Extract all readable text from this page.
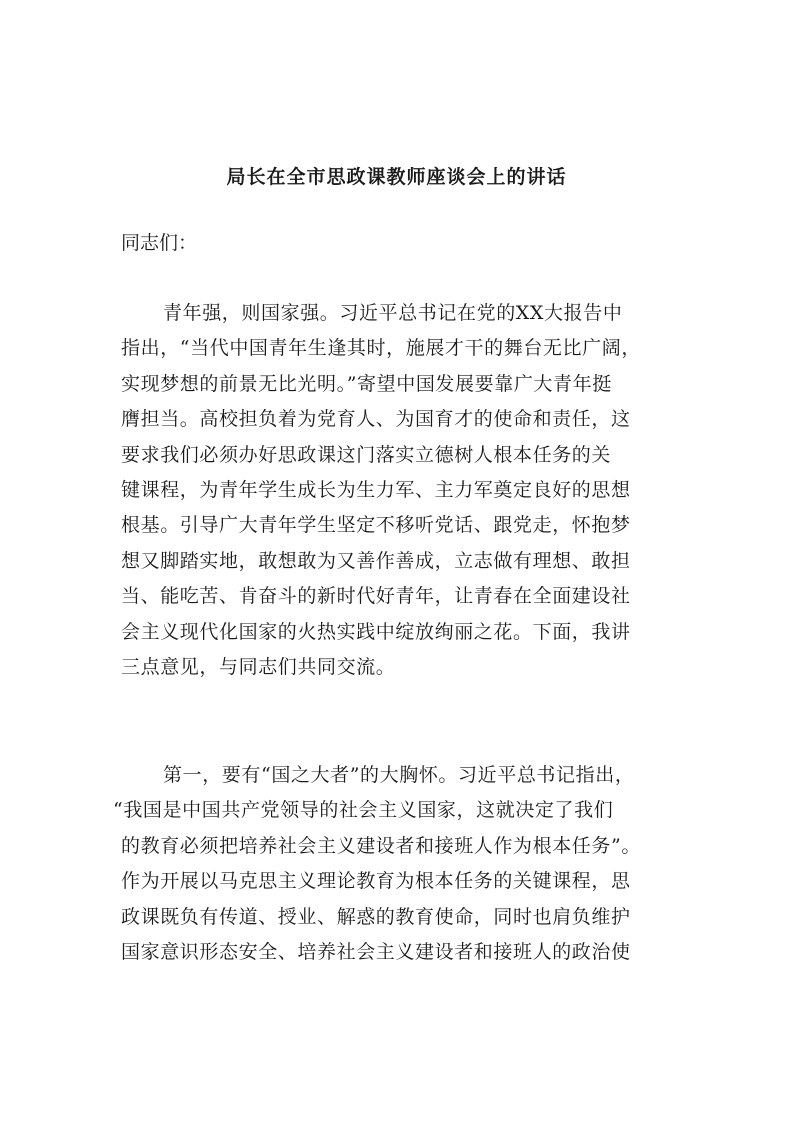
局长在全市思政课教师座谈会上的讲话
同志们：
青年强，则国家强。习近平总书记在党的XX大报告中
指出，“当代中国青年生逢其时，施展才干的舞台无比广阔，
实现梦想的前景无比光明。”寄望中国发展要靠广大青年挺
膺担当。高校担负着为党育人、为国育才的使命和责任，这
要求我们必须办好思政课这门落实立德树人根本任务的关
键课程，为青年学生成长为生力军、主力军奠定良好的思想
根基。引导广大青年学生坚定不移听党话、跟党走，怀抱梦
想又脚踏实地，敢想敢为又善作善成，立志做有理想、敢担
当、能吃苦、肯奋斗的新时代好青年，让青春在全面建设社
会主义现代化国家的火热实践中绽放绚丽之花。下面，我讲
三点意见，与同志们共同交流。
第一，要有“国之大者”的大胸怀。习近平总书记指出，
“我国是中国共产党领导的社会主义国家，这就决定了我们
的教育必须把培养社会主义建设者和接班人作为根本任务”。
作为开展以马克思主义理论教育为根本任务的关键课程，思
政课既负有传道、授业、解惑的教育使命，同时也肩负维护
国家意识形态安全、培养社会主义建设者和接班人的政治使
